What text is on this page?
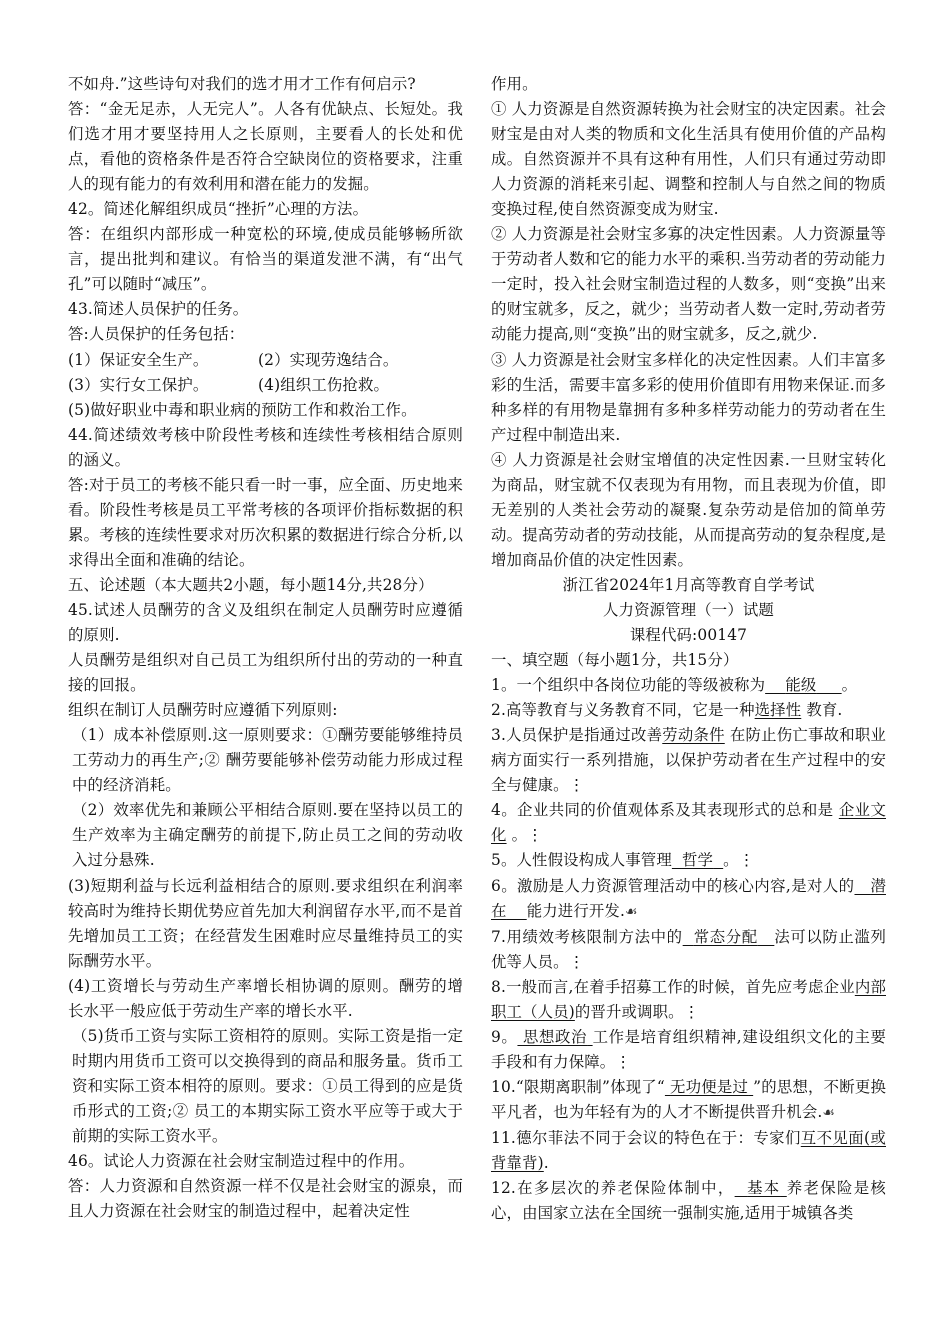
不如舟.”这些诗句对我们的选才用才工作有何启示?

答：“金无足赤，人无完人”。人各有优缺点、长短处。我们选才用才要坚持用人之长原则，主要看人的长处和优点，看他的资格条件是否符合空缺岗位的资格要求，注重人的现有能力的有效利用和潜在能力的发掘。

42。简述化解组织成员“挫折”心理的方法。

答：在组织内部形成一种宽松的环境,使成员能够畅所欲言，提出批判和建议。有恰当的渠道发泄不满，有“出气孔”可以随时“减压”。

43.简述人员保护的任务。

答:人员保护的任务包括：

(1）保证安全生产。	(2）实现劳逸结合。

(3）实行女工保护。	(4)组织工伤抢救。

(5)做好职业中毒和职业病的预防工作和救治工作。

44.简述绩效考核中阶段性考核和连续性考核相结合原则的涵义。

答:对于员工的考核不能只看一时一事，应全面、历史地来看。阶段性考核是员工平常考核的各项评价指标数据的积累。考核的连续性要求对历次积累的数据进行综合分析,以求得出全面和准确的结论。

五、论述题（本大题共2小题，每小题14分,共28分）

45.试述人员酬劳的含义及组织在制定人员酬劳时应遵循的原则.

人员酬劳是组织对自己员工为组织所付出的劳动的一种直接的回报。

组织在制订人员酬劳时应遵循下列原则:

（1）成本补偿原则.这一原则要求：①酬劳要能够维持员工劳动力的再生产;② 酬劳要能够补偿劳动能力形成过程中的经济消耗。

（2）效率优先和兼顾公平相结合原则.要在坚持以员工的生产效率为主确定酬劳的前提下,防止员工之间的劳动收入过分悬殊.

(3)短期利益与长远利益相结合的原则.要求组织在利润率较高时为维持长期优势应首先加大利润留存水平,而不是首先增加员工工资；在经营发生困难时应尽量维持员工的实际酬劳水平。

(4)工资增长与劳动生产率增长相协调的原则。酬劳的增长水平一般应低于劳动生产率的增长水平.

（5)货币工资与实际工资相符的原则。实际工资是指一定时期内用货币工资可以交换得到的商品和服务量。货币工资和实际工资本相符的原则。要求：①员工得到的应是货币形式的工资;② 员工的本期实际工资水平应等于或大于前期的实际工资水平。

46。试论人力资源在社会财宝制造过程中的作用。

答：人力资源和自然资源一样不仅是社会财宝的源泉，而且人力资源在社会财宝的制造过程中，起着决定性

作用。

① 人力资源是自然资源转换为社会财宝的决定因素。社会财宝是由对人类的物质和文化生活具有使用价值的产品构成。自然资源并不具有这种有用性，人们只有通过劳动即人力资源的消耗来引起、调整和控制人与自然之间的物质变换过程,使自然资源变成为财宝.

② 人力资源是社会财宝多寡的决定性因素。人力资源量等于劳动者人数和它的能力水平的乘积.当劳动者的劳动能力一定时，投入社会财宝制造过程的人数多，则“变换”出来的财宝就多，反之，就少；当劳动者人数一定时,劳动者劳动能力提高,则“变换”出的财宝就多，反之,就少.

③ 人力资源是社会财宝多样化的决定性因素。人们丰富多彩的生活，需要丰富多彩的使用价值即有用物来保证.而多种多样的有用物是靠拥有多种多样劳动能力的劳动者在生产过程中制造出来.

④ 人力资源是社会财宝增值的决定性因素.一旦财宝转化为商品，财宝就不仅表现为有用物，而且表现为价值，即无差别的人类社会劳动的凝聚.复杂劳动是倍加的简单劳动。提高劳动者的劳动技能，从而提高劳动的复杂程度,是增加商品价值的决定性因素。

浙江省2024年1月高等教育自学考试

人力资源管理（一）试题

课程代码:00147

一、填空题（每小题1分，共15分）

1。一个组织中各岗位功能的等级被称为 能级 。

2.高等教育与义务教育不同，它是一种选择性 教育.

3.人员保护是指通过改善劳动条件 在防止伤亡事故和职业病方面实行一系列措施，以保护劳动者在生产过程中的安全与健康。⋮

4。企业共同的价值观体系及其表现形式的总和是 企业文化 。⋮

5。人性假设构成人事管理 哲学 。⋮

6。激励是人力资源管理活动中的核心内容,是对人的 潜在 能力进行开发.☙

7.用绩效考核限制方法中的 常态分配 法可以防止滥列优等人员。⋮

8.一般而言,在着手招募工作的时候，首先应考虑企业内部职工（人员)的晋升或调职。⋮

9。 思想政治 工作是培育组织精神,建设组织文化的主要手段和有力保障。⋮

10.“限期离职制”体现了“ 无功便是过 ”的思想，不断更换平凡者，也为年轻有为的人才不断提供晋升机会.☙

11.德尔菲法不同于会议的特色在于：专家们互不见面(或背靠背).

12.在多层次的养老保险体制中， 基本 养老保险是核心，由国家立法在全国统一强制实施,适用于城镇各类
